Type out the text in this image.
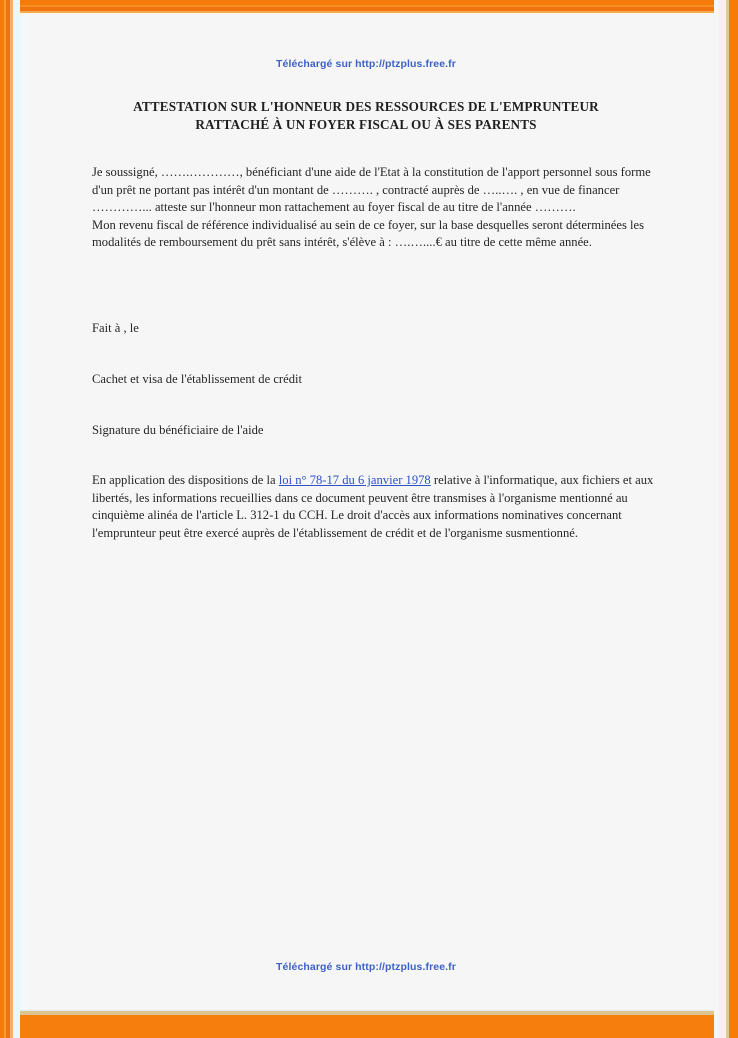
Téléchargé sur http://ptzplus.free.fr
ATTESTATION SUR L'HONNEUR DES RESSOURCES DE L'EMPRUNTEUR
RATTACHÉ À UN FOYER FISCAL OU À SES PARENTS

Je soussigné, …….…………, bénéficiant d'une aide de l'Etat à la constitution de l'apport personnel sous forme d'un prêt ne portant pas intérêt d'un montant de ………. , contracté auprès de …..…. , en vue de financer …………... atteste sur l'honneur mon rattachement au foyer fiscal de au titre de l'année ……….

Mon revenu fiscal de référence individualisé au sein de ce foyer, sur la base desquelles seront déterminées les modalités de remboursement du prêt sans intérêt, s'élève à : ….…....€ au titre de cette même année.

Fait à , le

Cachet et visa de l'établissement de crédit

Signature du bénéficiaire de l'aide

En application des dispositions de la loi n° 78-17 du 6 janvier 1978 relative à l'informatique, aux fichiers et aux libertés, les informations recueillies dans ce document peuvent être transmises à l'organisme mentionné au cinquième alinéa de l'article L. 312-1 du CCH. Le droit d'accès aux informations nominatives concernant l'emprunteur peut être exercé auprès de l'établissement de crédit et de l'organisme susmentionné.

Téléchargé sur http://ptzplus.free.fr
